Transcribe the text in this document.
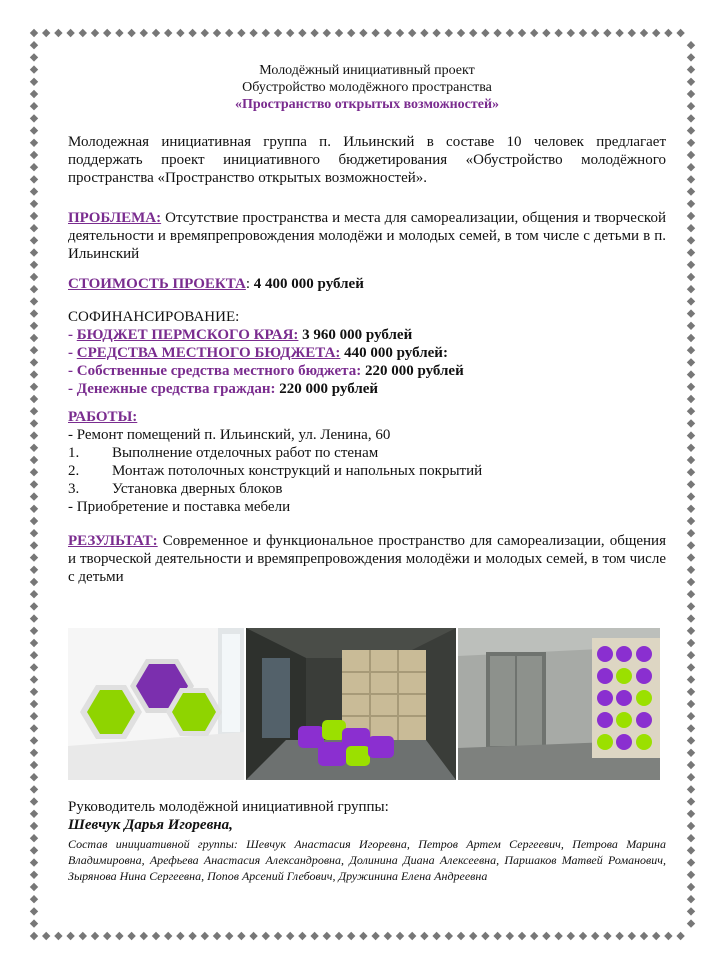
Молодёжный инициативный проект
Обустройство молодёжного пространства
«Пространство открытых возможностей»

Молодежная инициативная группа п. Ильинский в составе 10 человек предлагает поддержать проект инициативного бюджетирования «Обустройство молодёжного пространства «Пространство открытых возможностей».

ПРОБЛЕМА: Отсутствие пространства и места для самореализации, общения и творческой деятельности и времяпрепровождения молодёжи и молодых семей, в том числе с детьми в п. Ильинский

СТОИМОСТЬ ПРОЕКТА: 4 400 000 рублей

СОФИНАНСИРОВАНИЕ:
- БЮДЖЕТ ПЕРМСКОГО КРАЯ: 3 960 000 рублей
- СРЕДСТВА МЕСТНОГО БЮДЖЕТА: 440 000 рублей:
- Собственные средства местного бюджета: 220 000 рублей
- Денежные средства граждан: 220 000 рублей
РАБОТЫ:
- Ремонт помещений п. Ильинский, ул. Ленина, 60
1.	Выполнение отделочных работ по стенам
2.	Монтаж потолочных конструкций и напольных покрытий
3.	Установка дверных блоков
- Приобретение и поставка мебели

РЕЗУЛЬТАТ: Современное и функциональное пространство для самореализации, общения и творческой деятельности и времяпрепровождения молодёжи и молодых семей, в том числе с детьми

Руководитель молодёжной инициативной группы:
Шевчук Дарья Игоревна,

Состав инициативной группы: Шевчук Анастасия Игоревна, Петров Артем Сергеевич, Петрова Марина Владимировна, Арефьева Анастасия Александровна, Долинина Диана Алексеевна, Паршаков Матвей Романович, Зырянова Нина Сергеевна, Попов Арсений Глебович, Дружинина Елена Андреевна
